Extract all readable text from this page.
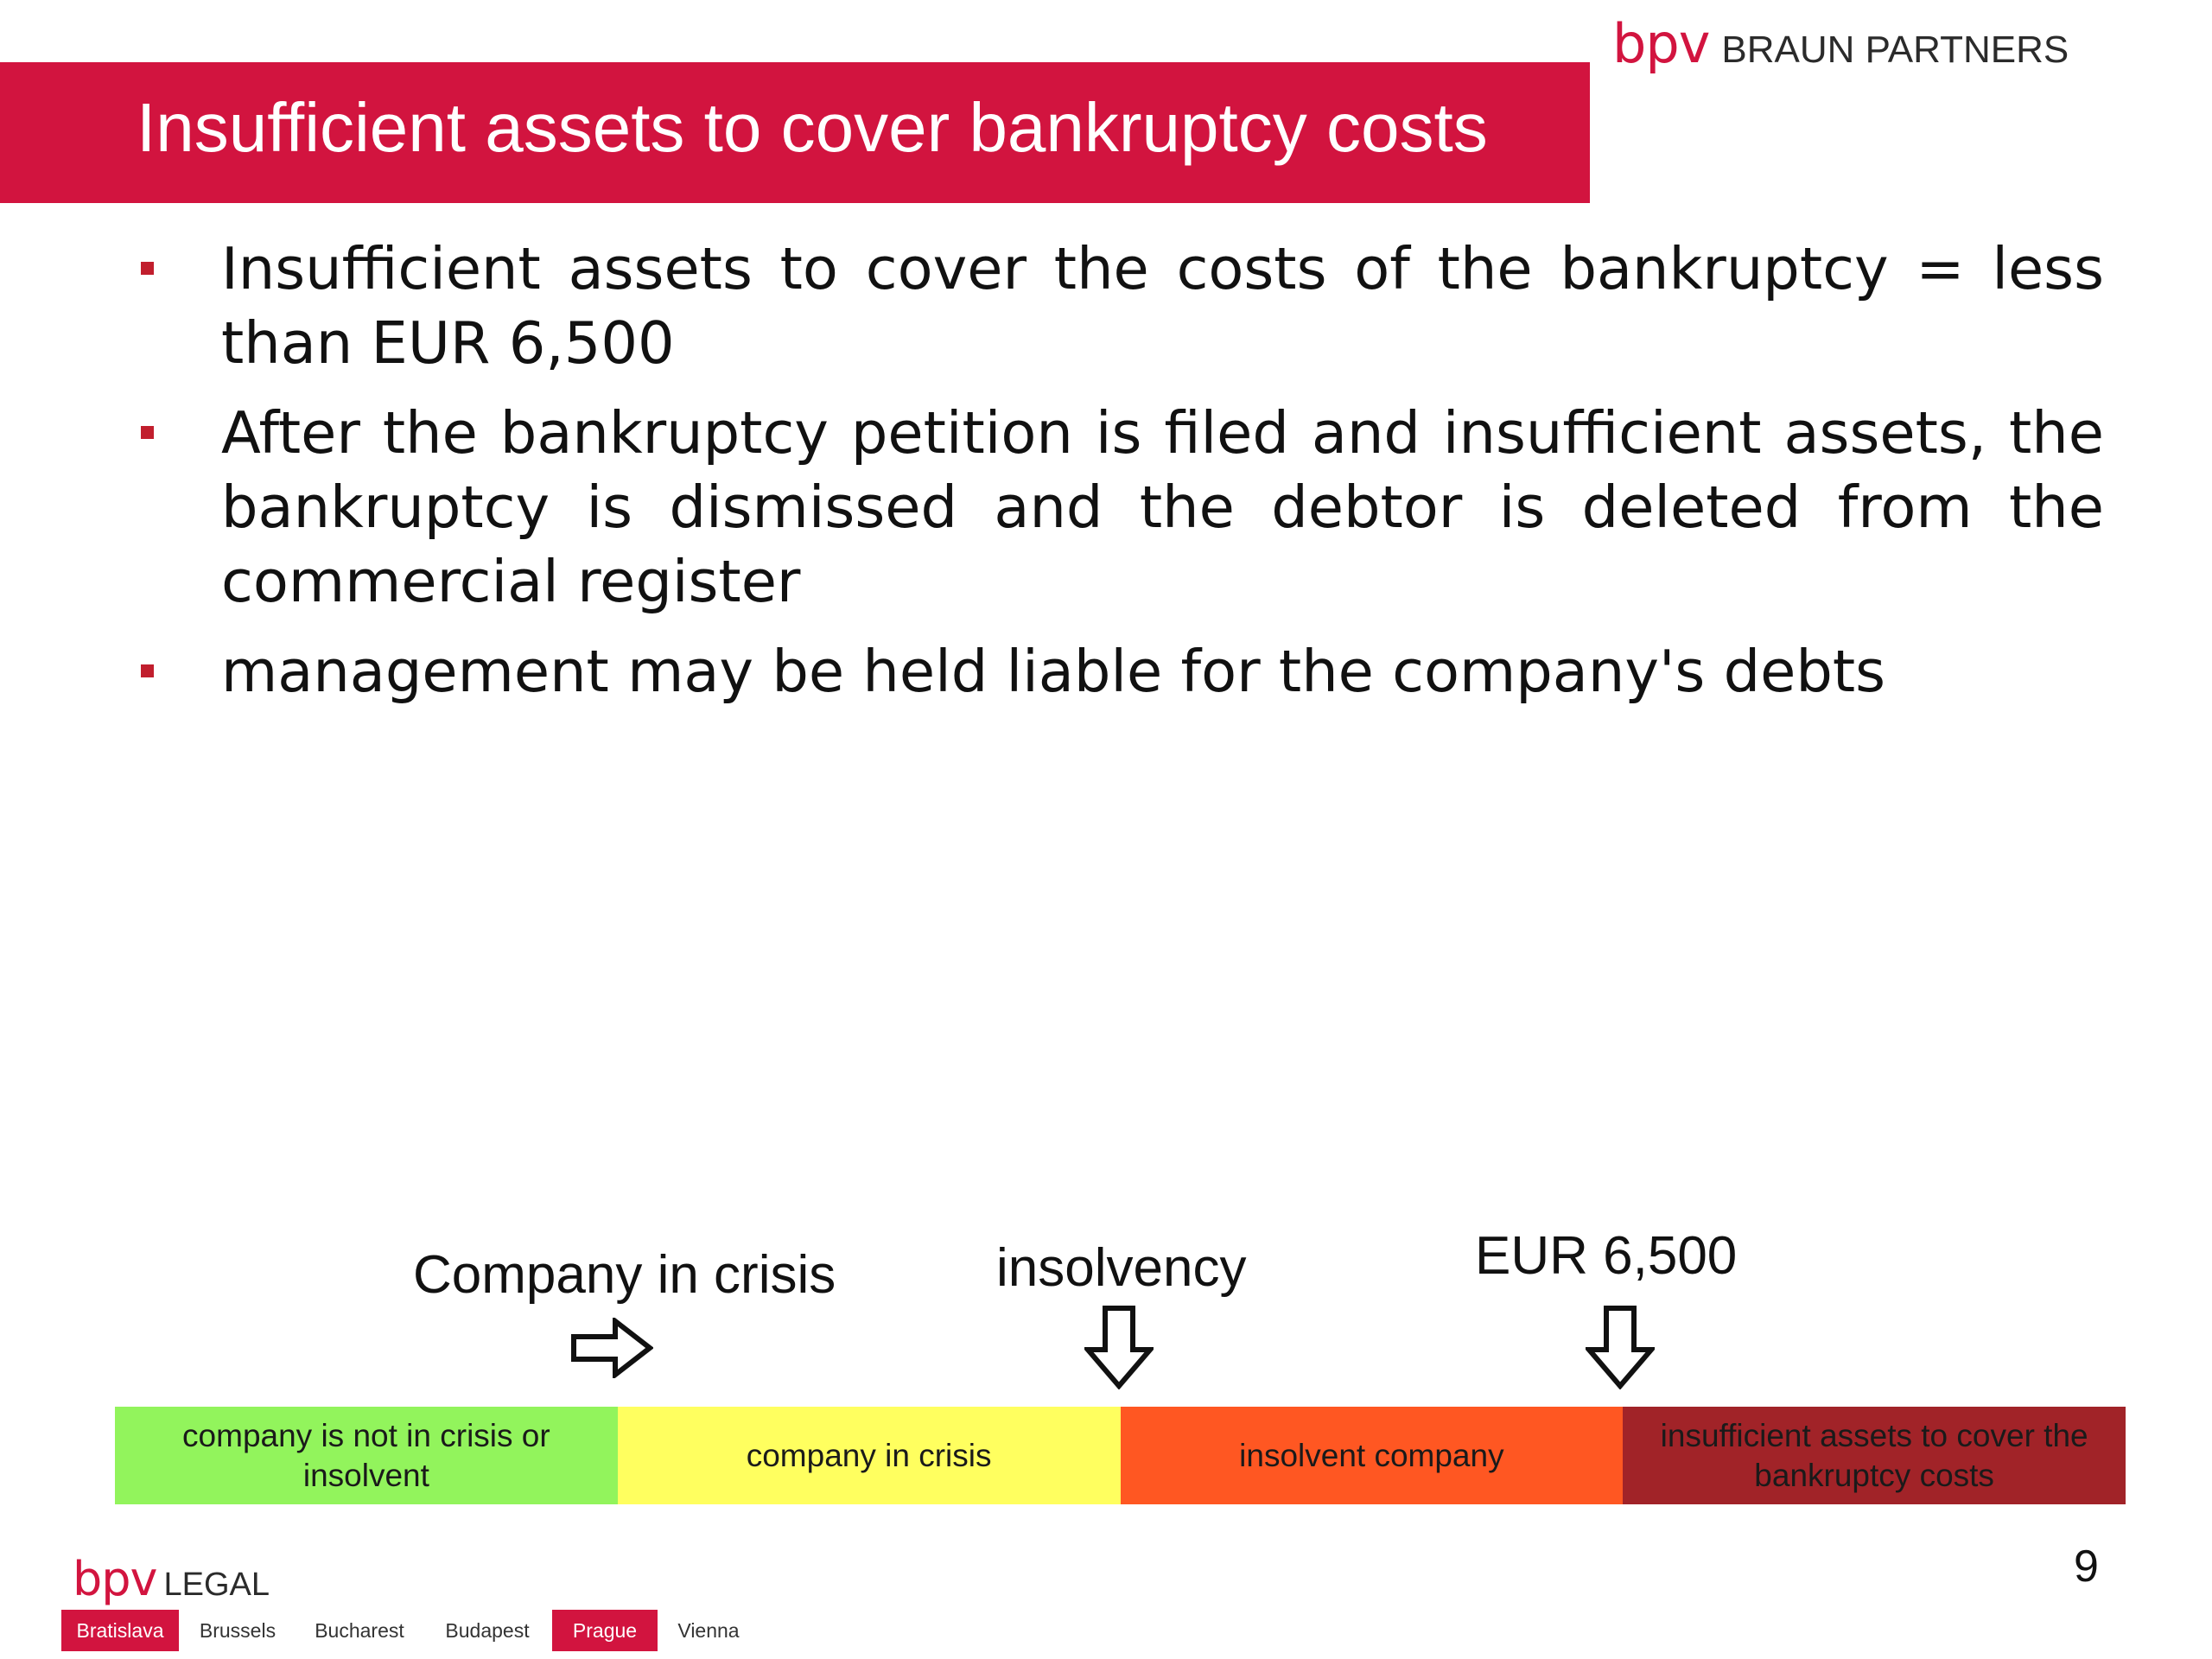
bpv BRAUN PARTNERS
Insufficient assets to cover bankruptcy costs
Insufficient assets to cover the costs of the bankruptcy = less than EUR 6,500
After the bankruptcy petition is filed and insufficient assets, the bankruptcy is dismissed and the debtor is deleted from the commercial register
management may be held liable for the company's debts
Company in crisis	insolvency	EUR 6,500
company is not in crisis or insolvent
company in crisis	insolvent company
insufficient assets to cover the bankruptcy costs
9
bpv LEGAL
Bratislava	Brussels	Bucharest	Budapest	Prague	Vienna
